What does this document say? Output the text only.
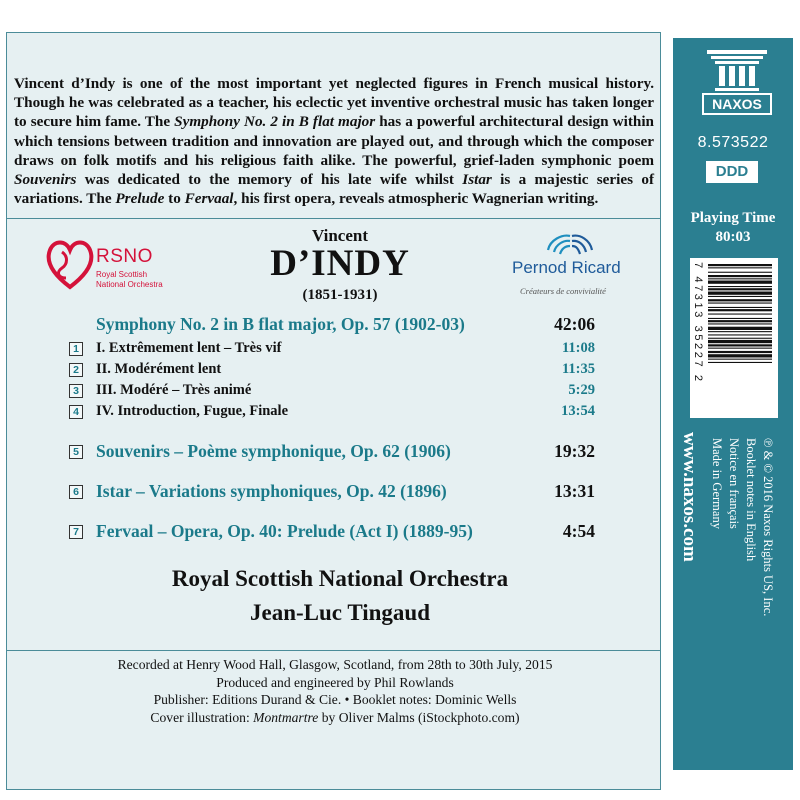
Vincent d’Indy is one of the most important yet neglected figures in French musical history. Though he was celebrated as a teacher, his eclectic yet inventive orchestral music has taken longer to secure him fame. The Symphony No. 2 in B flat major has a powerful architectural design within which tensions between tradition and innovation are played out, and through which the composer draws on folk motifs and his religious faith alike. The powerful, grief-laden symphonic poem Souvenirs was dedicated to the memory of his late wife whilst Istar is a majestic series of variations. The Prelude to Fervaal, his first opera, reveals atmospheric Wagnerian writing.
RSNO
Royal Scottish
National Orchestra
Vincent
D’INDY
(1851-1931)
Pernod Ricard
Créateurs de convivialité
Symphony No. 2 in B flat major, Op. 57 (1902-03)	42:06
1 I. Extrêmement lent – Très vif	11:08
2 II. Modérément lent	11:35
3 III. Modéré – Très animé	5:29
4 IV. Introduction, Fugue, Finale	13:54
5 Souvenirs – Poème symphonique, Op. 62 (1906)	19:32
6 Istar – Variations symphoniques, Op. 42 (1896)	13:31
7 Fervaal – Opera, Op. 40: Prelude (Act I) (1889-95)	4:54
Royal Scottish National Orchestra
Jean-Luc Tingaud
Recorded at Henry Wood Hall, Glasgow, Scotland, from 28th to 30th July, 2015
Produced and engineered by Phil Rowlands
Publisher: Editions Durand & Cie. • Booklet notes: Dominic Wells
Cover illustration: Montmartre by Oliver Malms (iStockphoto.com)
NAXOS
8.573522
DDD
Playing Time
80:03
7 47313 35227 2
www.naxos.com Made in Germany Notice en français Booklet notes in English ℗ & © 2016 Naxos Rights US, Inc.
